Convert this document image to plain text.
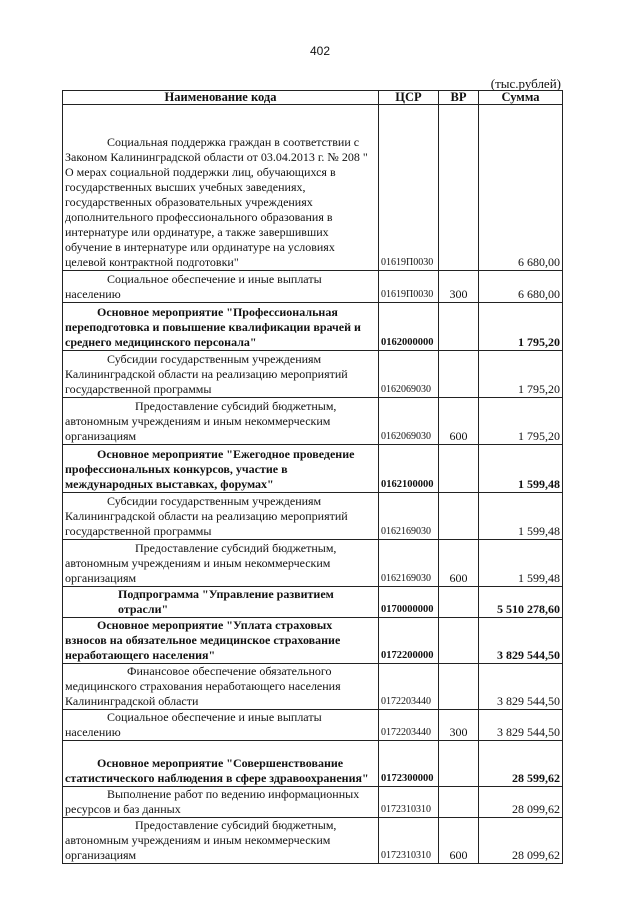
402
(тыс.рублей)
Наименование кода	ЦСР	ВР	Сумма
Социальная поддержка граждан в соответствии с Законом Калининградской области от 03.04.2013 г. № 208 " О мерах социальной поддержки лиц, обучающихся в государственных высших учебных заведениях, государственных образовательных учреждениях дополнительного профессионального образования в интернатуре или ординатуре, а также завершивших обучение в интернатуре или ординатуре на условиях целевой контрактной подготовки"	01619П0030		6 680,00
Социальное обеспечение и иные выплаты населению	01619П0030	300	6 680,00
Основное мероприятие "Профессиональная переподготовка и повышение квалификации врачей и среднего медицинского персонала"	0162000000		1 795,20
Субсидии государственным учреждениям Калининградской области на реализацию мероприятий государственной программы	0162069030		1 795,20
Предоставление субсидий бюджетным, автономным учреждениям и иным некоммерческим организациям	0162069030	600	1 795,20
Основное мероприятие "Ежегодное проведение профессиональных конкурсов, участие в международных выставках, форумах"	0162100000		1 599,48
Субсидии государственным учреждениям Калининградской области на реализацию мероприятий государственной программы	0162169030		1 599,48
Предоставление субсидий бюджетным, автономным учреждениям и иным некоммерческим организациям	0162169030	600	1 599,48
Подпрограмма "Управление развитием отрасли"	0170000000		5 510 278,60
Основное мероприятие "Уплата страховых взносов на обязательное медицинское страхование неработающего населения"	0172200000		3 829 544,50
Финансовое обеспечение обязательного медицинского страхования неработающего населения Калининградской области	0172203440		3 829 544,50
Социальное обеспечение и иные выплаты населению	0172203440	300	3 829 544,50
Основное мероприятие "Совершенствование статистического наблюдения в сфере здравоохранения"	0172300000		28 599,62
Выполнение работ по ведению информационных ресурсов и баз данных	0172310310		28 099,62
Предоставление субсидий бюджетным, автономным учреждениям и иным некоммерческим организациям	0172310310	600	28 099,62
